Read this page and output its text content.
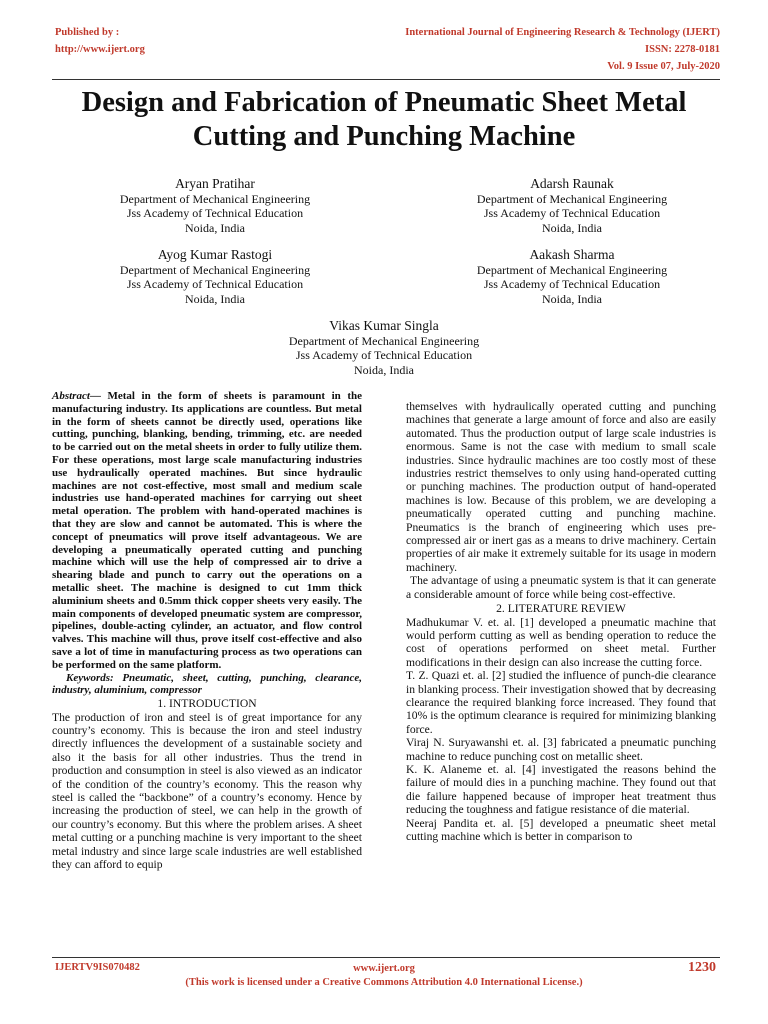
Published by :
http://www.ijert.org
International Journal of Engineering Research & Technology (IJERT)
ISSN: 2278-0181
Vol. 9 Issue 07, July-2020
Design and Fabrication of Pneumatic Sheet Metal
Cutting and Punching Machine
Aryan Pratihar
Department of Mechanical Engineering
Jss Academy of Technical Education
Noida, India
Adarsh Raunak
Department of Mechanical Engineering
Jss Academy of Technical Education
Noida, India
Ayog Kumar Rastogi
Department of Mechanical Engineering
Jss Academy of Technical Education
Noida, India
Aakash Sharma
Department of Mechanical Engineering
Jss Academy of Technical Education
Noida, India
Vikas Kumar Singla
Department of Mechanical Engineering
Jss Academy of Technical Education
Noida, India

Abstract— Metal in the form of sheets is paramount in the manufacturing industry. Its applications are countless. But metal in the form of sheets cannot be directly used, operations like cutting, punching, blanking, bending, trimming, etc. are needed to be carried out on the metal sheets in order to fully utilize them. For these operations, most large scale manufacturing industries use hydraulically operated machines. But since hydraulic machines are not cost-effective, most small and medium scale industries use hand-operated machines for carrying out sheet metal operation. The problem with hand-operated machines is that they are slow and cannot be automated. This is where the concept of pneumatics will prove itself advantageous. We are developing a pneumatically operated cutting and punching machine which will use the help of compressed air to drive a shearing blade and punch to carry out the operations on a metallic sheet. The machine is designed to cut 1mm thick aluminium sheets and 0.5mm thick copper sheets very easily. The main components of developed pneumatic system are compressor, pipelines, double-acting cylinder, an actuator, and flow control valves. This machine will thus, prove itself cost-effective and also save a lot of time in manufacturing process as two operations can be performed on the same platform.

Keywords: Pneumatic, sheet, cutting, punching, clearance, industry, aluminium, compressor

1. INTRODUCTION

The production of iron and steel is of great importance for any country’s economy. This is because the iron and steel industry directly influences the development of a sustainable society and also it the basis for all other industries. Thus the trend in production and consumption in steel is also viewed as an indicator of the condition of the country’s economy. This the reason why steel is called the “backbone” of a country’s economy. Hence by increasing the production of steel, we can help in the growth of our country’s economy. But this where the problem arises. A sheet metal cutting or a punching machine is very important to the sheet metal industry and since large scale industries are well established they can afford to equip

themselves with hydraulically operated cutting and punching machines that generate a large amount of force and also are easily automated. Thus the production output of large scale industries is enormous. Same is not the case with medium to small scale industries. Since hydraulic machines are too costly most of these industries restrict themselves to only using hand-operated cutting or punching machines. The production output of hand-operated machines is low. Because of this problem, we are developing a pneumatically operated cutting and punching machine. Pneumatics is the branch of engineering which uses pre-compressed air or inert gas as a means to drive machinery. Certain properties of air make it extremely suitable for its usage in modern machinery.

The advantage of using a pneumatic system is that it can generate a considerable amount of force while being cost-effective.

2. LITERATURE REVIEW

Madhukumar V. et. al. [1] developed a pneumatic machine that would perform cutting as well as bending operation to reduce the cost of operations performed on sheet metal. Further modifications in their design can also increase the cutting force.

T. Z. Quazi et. al. [2] studied the influence of punch-die clearance in blanking process. Their investigation showed that by decreasing clearance the required blanking force increased. They found that 10% is the optimum clearance is required for minimizing blanking force.

Viraj N. Suryawanshi et. al. [3] fabricated a pneumatic punching machine to reduce punching cost on metallic sheet.

K. K. Alaneme et. al. [4] investigated the reasons behind the failure of mould dies in a punching machine. They found out that die failure happened because of improper heat treatment thus reducing the toughness and fatigue resistance of die material.

Neeraj Pandita et. al. [5] developed a pneumatic sheet metal cutting machine which is better in comparison to

IJERTV9IS070482	www.ijert.org
(This work is licensed under a Creative Commons Attribution 4.0 International License.)
1230
